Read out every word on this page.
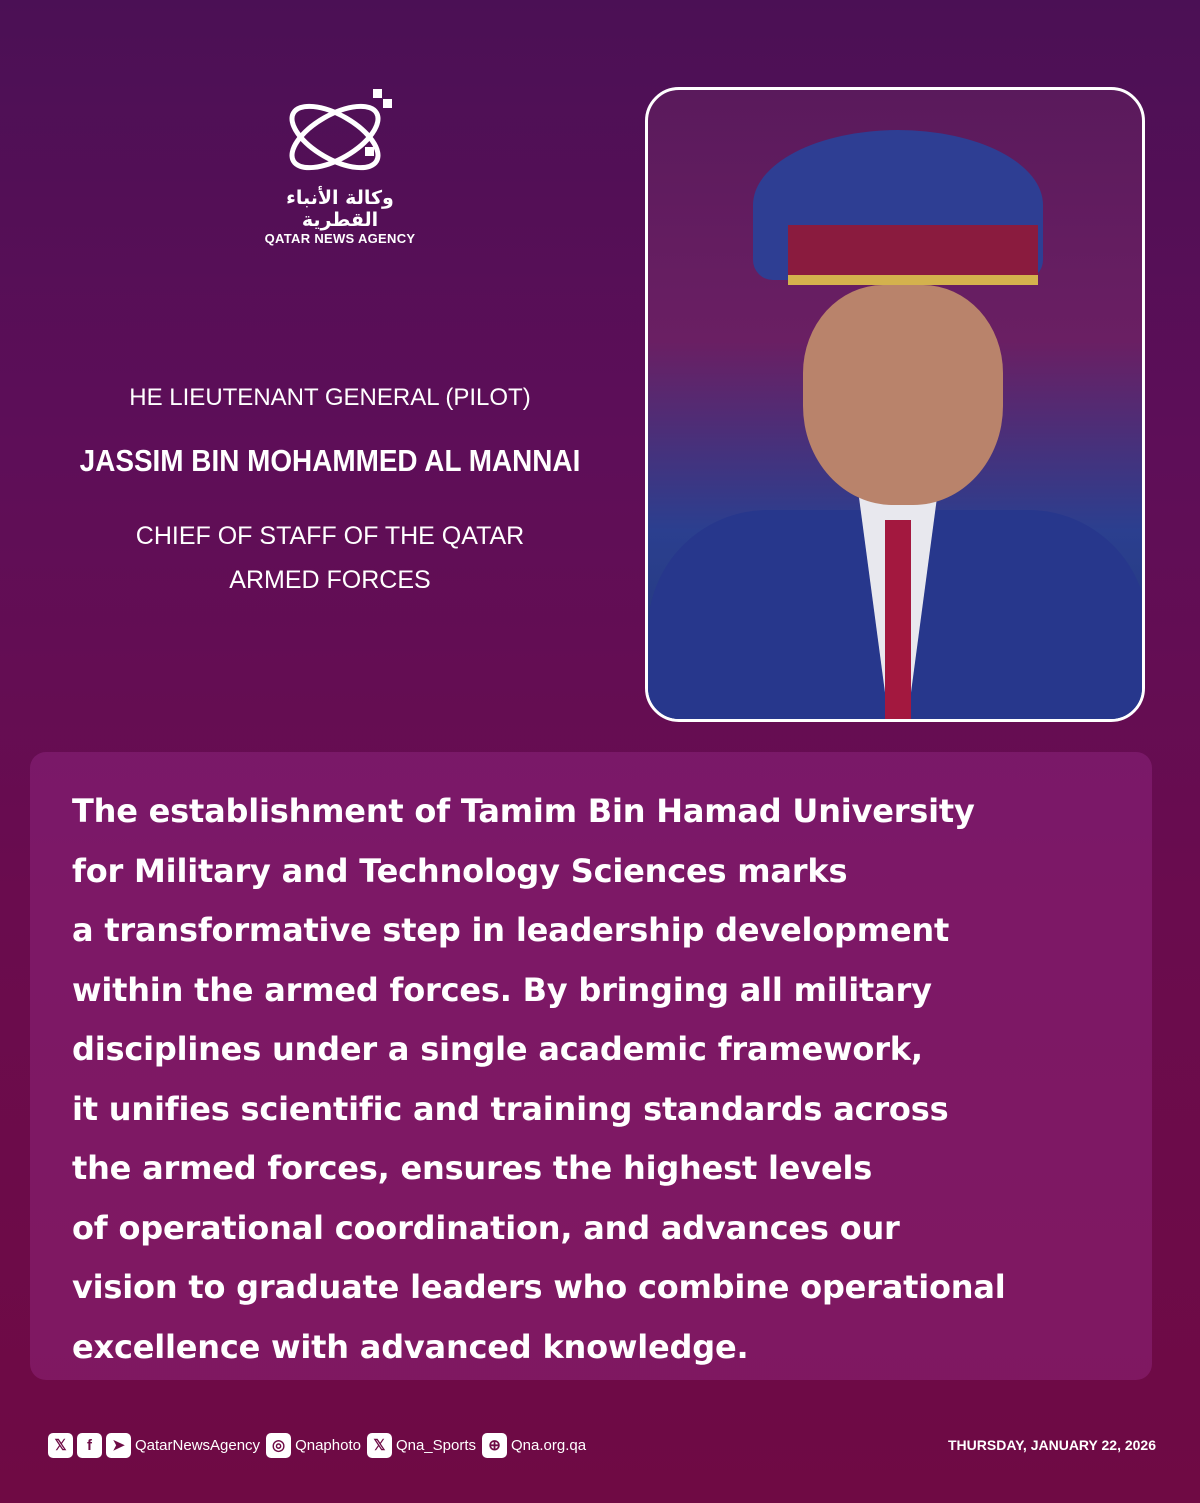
وكالة الأنباء القطرية
QATAR NEWS AGENCY
HE LIEUTENANT GENERAL (PILOT)
JASSIM BIN MOHAMMED AL MANNAI
CHIEF OF STAFF OF THE QATAR
ARMED FORCES

The establishment of Tamim Bin Hamad University
for Military and Technology Sciences marks
a transformative step in leadership development
within the armed forces. By bringing all military
disciplines under a single academic framework,
it unifies scientific and training standards across
the armed forces, ensures the highest levels
of operational coordination, and advances our
vision to graduate leaders who combine operational
excellence with advanced knowledge.

𝕏	f	➤ QatarNewsAgency ◎ Qnaphoto 𝕏 Qna_Sports ⊕ Qna.org.qa	THURSDAY, JANUARY 22, 2026
